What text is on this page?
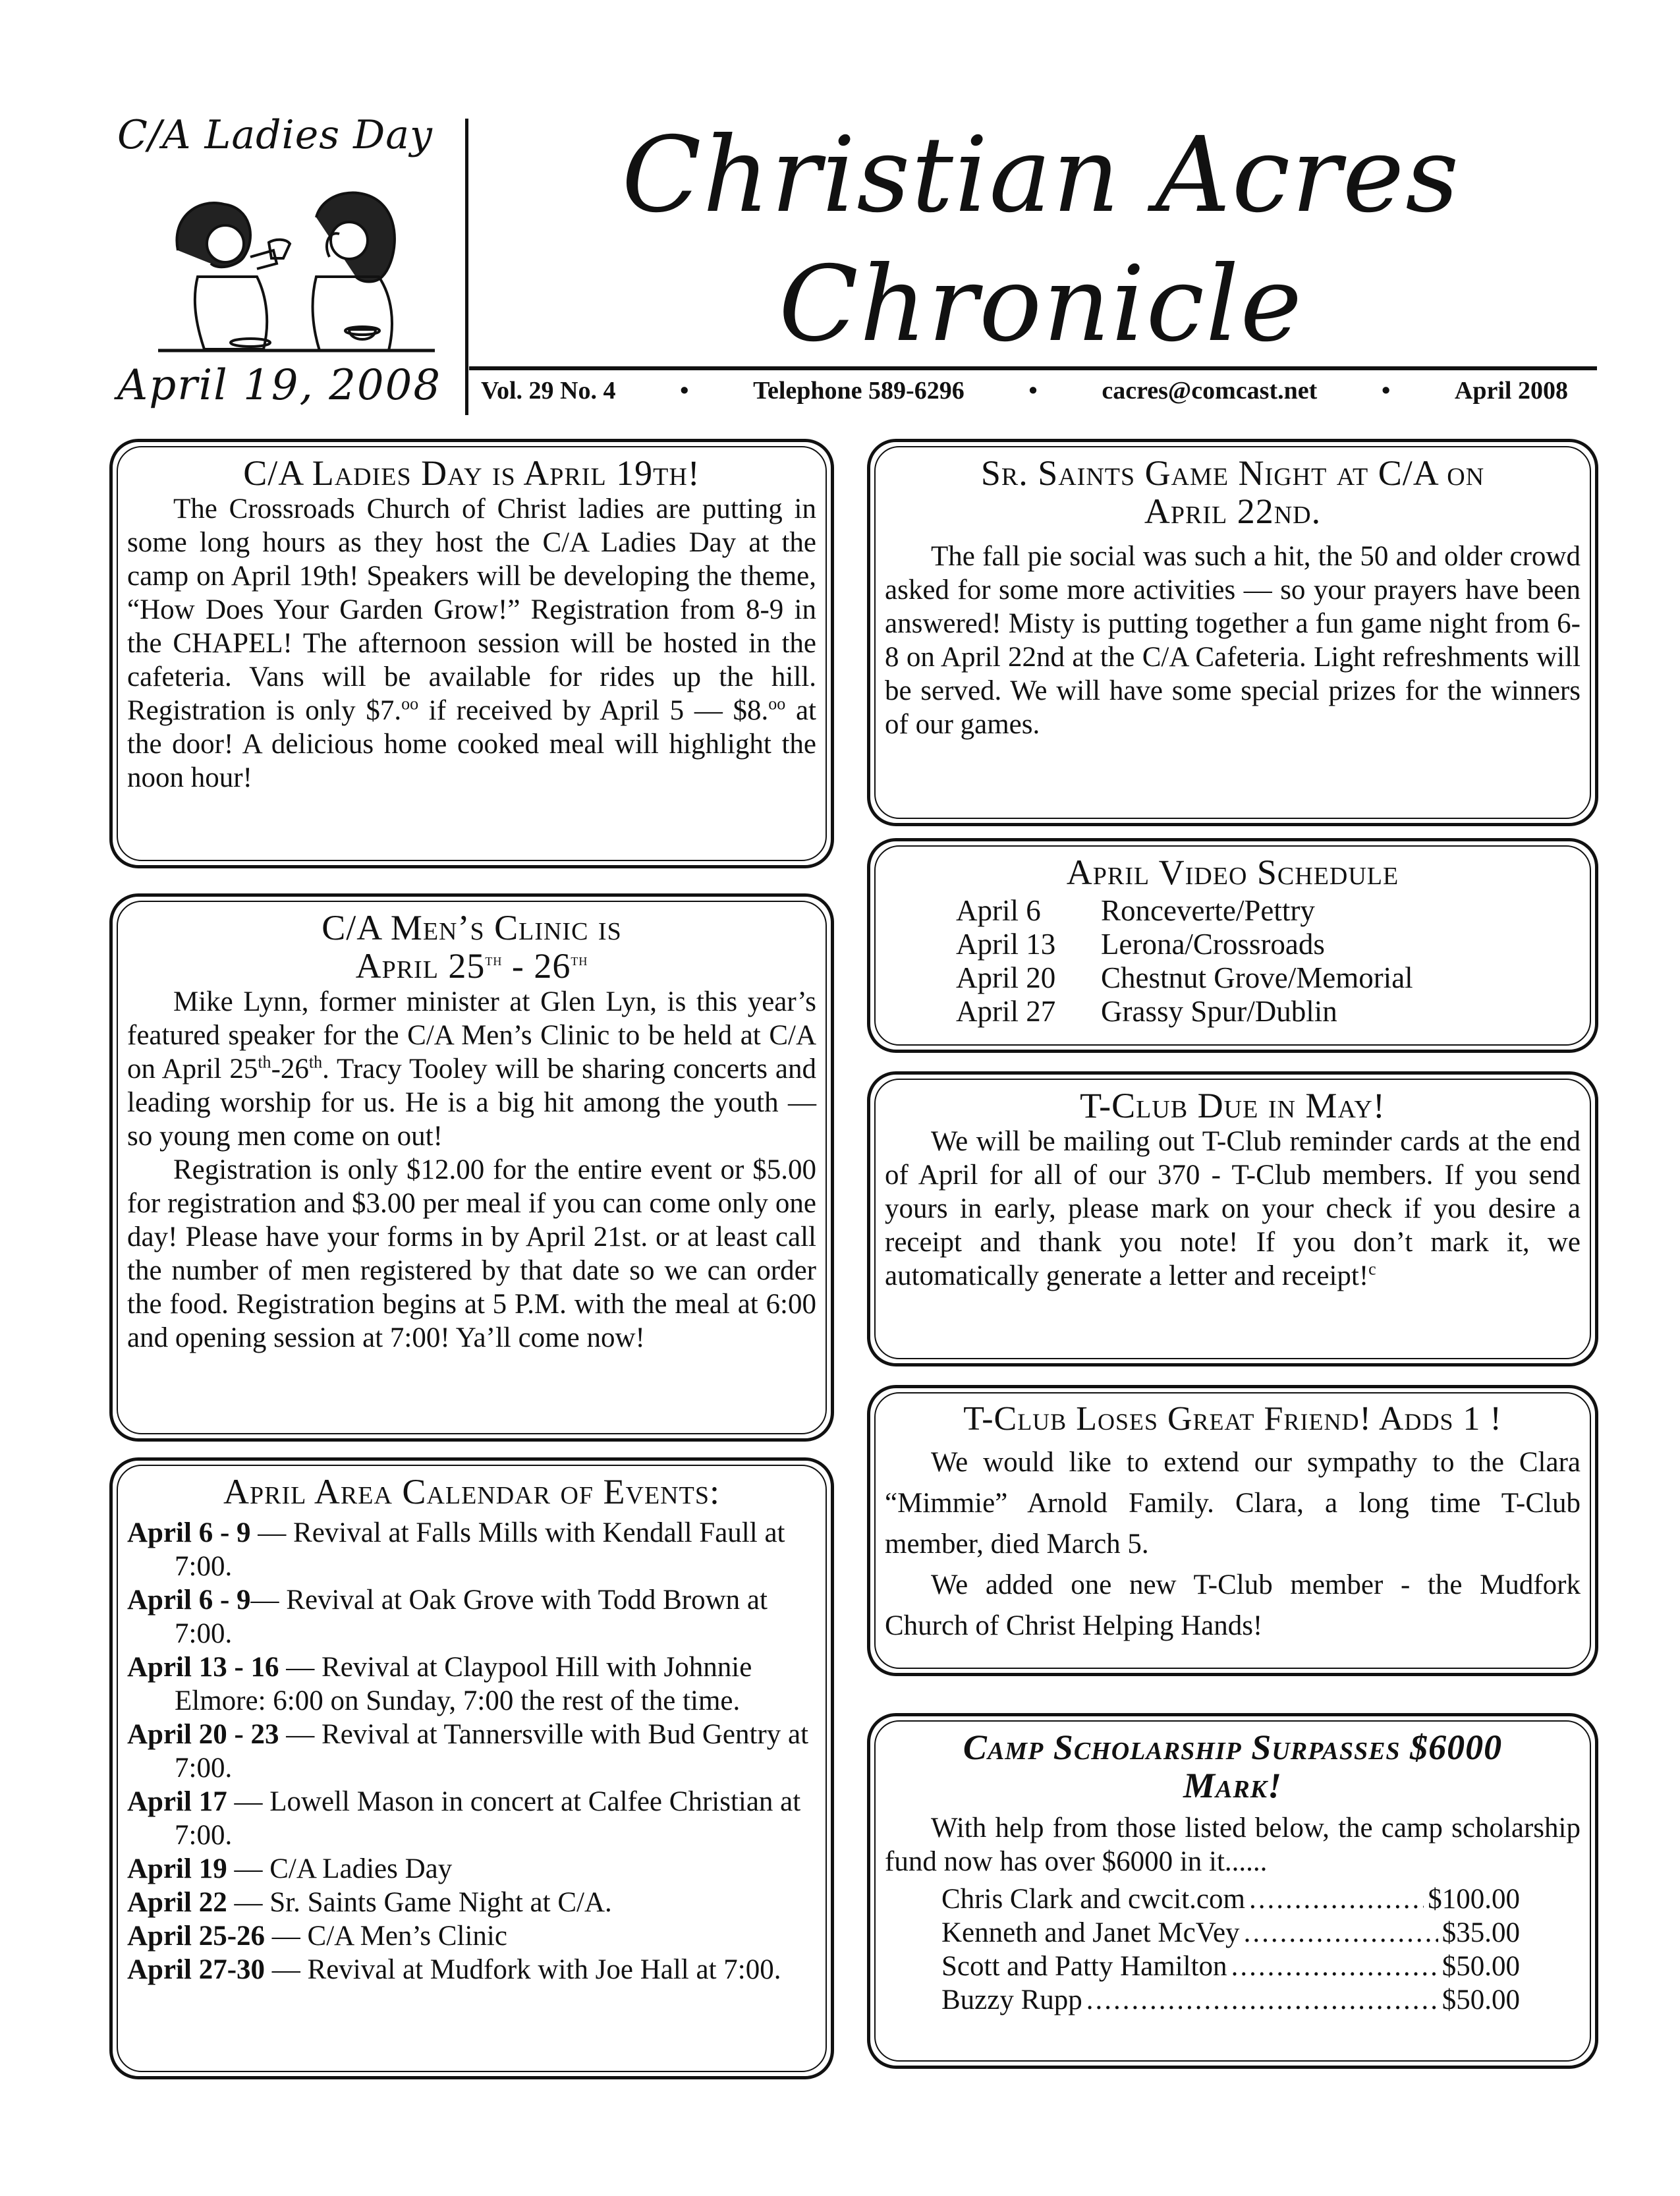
C/A Ladies Day
April 19, 2008
Christian Acres
Chronicle
Vol. 29 No. 4	•	Telephone 589-6296	•	cacres@comcast.net	•	April 2008
C/A Ladies Day is April 19th!

The Crossroads Church of Christ ladies are putting in some long hours as they host the C/A Ladies Day at the camp on April 19th! Speakers will be developing the theme, “How Does Your Garden Grow!” Registration from 8-9 in the CHAPEL! The afternoon session will be hosted in the cafeteria. Vans will be available for rides up the hill. Registration is only $7.$^{oo}$ if received by April 5 — $8.$^{oo}$ at the door! A delicious home cooked meal will highlight the noon hour!

C/A Men’s Clinic is
April 25th - 26th

Mike Lynn, former minister at Glen Lyn, is this year’s featured speaker for the C/A Men’s Clinic to be held at C/A on April 25th-26th. Tracy Tooley will be sharing concerts and leading worship for us. He is a big hit among the youth — so young men come on out!

Registration is only $12.00 for the entire event or $5.00 for registration and $3.00 per meal if you can come only one day! Please have your forms in by April 21st. or at least call the number of men registered by that date so we can order the food. Registration begins at 5 P.M. with the meal at 6:00 and opening session at 7:00! Ya’ll come now!

April Area Calendar of Events:
April 6 - 9 — Revival at Falls Mills with Kendall Faull at 7:00.
April 6 - 9— Revival at Oak Grove with Todd Brown at 7:00.
April 13 - 16 — Revival at Claypool Hill with Johnnie Elmore: 6:00 on Sunday, 7:00 the rest of the time.
April 20 - 23 — Revival at Tannersville with Bud Gentry at 7:00.
April 17 — Lowell Mason in concert at Calfee Christian at 7:00.
April 19 — C/A Ladies Day
April 22 — Sr. Saints Game Night at C/A.
April 25-26 — C/A Men’s Clinic
April 27-30 — Revival at Mudfork with Joe Hall at 7:00.
Sr. Saints Game Night at C/A on
April 22nd.

The fall pie social was such a hit, the 50 and older crowd asked for some more activities — so your prayers have been answered! Misty is putting together a fun game night from 6-8 on April 22nd at the C/A Cafeteria. Light refreshments will be served. We will have some special prizes for the winners of our games.

April Video Schedule
April 6	Ronceverte/Pettry
April 13	Lerona/Crossroads
April 20	Chestnut Grove/Memorial
April 27	Grassy Spur/Dublin
T-Club Due in May!

We will be mailing out T-Club reminder cards at the end of April for all of our 370 - T-Club members. If you send yours in early, please mark on your check if you desire a receipt and thank you note! If you don’t mark it, we automatically generate a letter and receipt!$^c$

T-Club Loses Great Friend! Adds 1 !

We would like to extend our sympathy to the Clara “Mimmie” Arnold Family. Clara, a long time T-Club member, died March 5.

We added one new T-Club member - the Mudfork Church of Christ Helping Hands!

Camp Scholarship Surpasses $6000
Mark!

With help from those listed below, the camp scholarship fund now has over $6000 in it......

Chris Clark and cwcit.com .....	$100.00
Kenneth and Janet McVey .....	$35.00
Scott and Patty Hamilton .....	$50.00
Buzzy Rupp .....	$50.00
